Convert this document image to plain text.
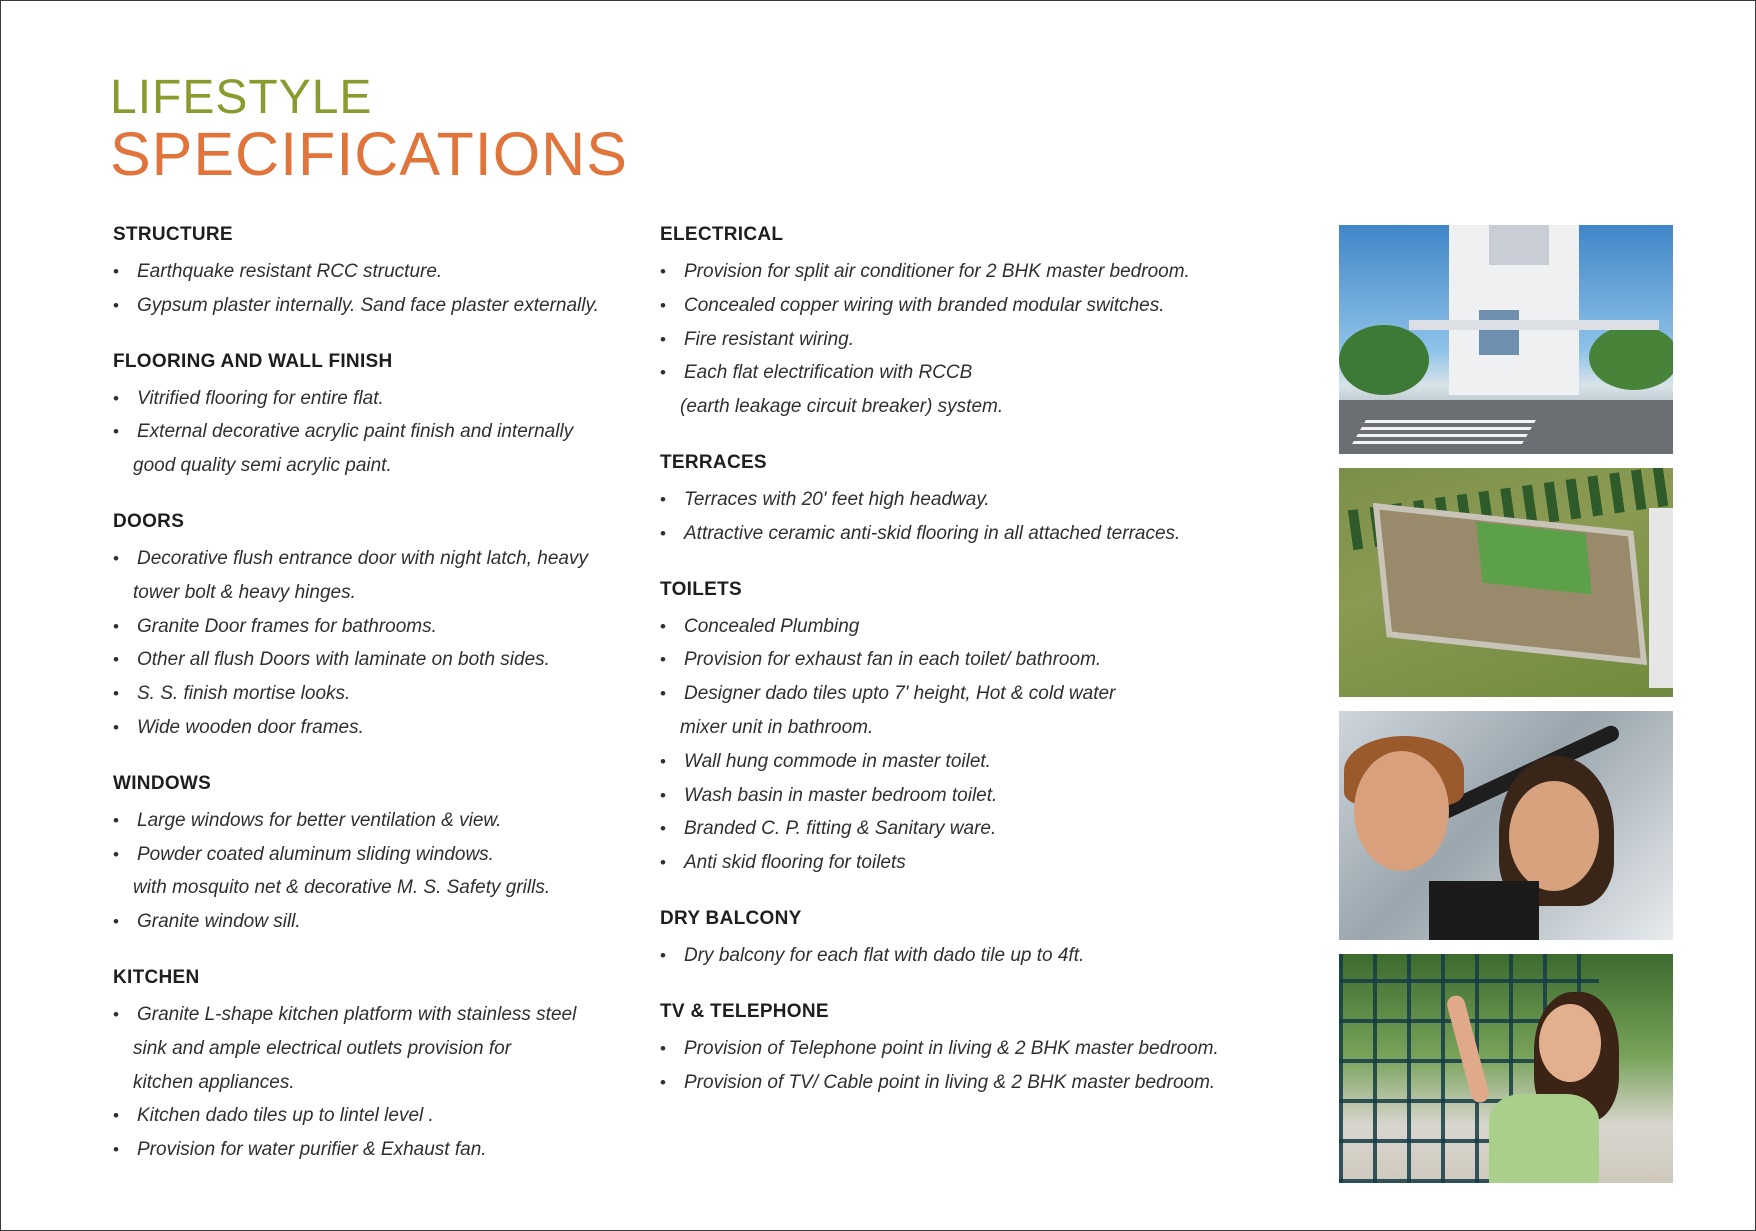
LIFESTYLE
SPECIFICATIONS
STRUCTURE
• Earthquake resistant RCC structure.
• Gypsum plaster internally. Sand face plaster externally.
FLOORING AND WALL FINISH
• Vitrified flooring for entire flat.
• External decorative acrylic paint finish and internally
good quality semi acrylic paint.
DOORS
• Decorative flush entrance door with night latch, heavy
tower bolt & heavy hinges.
• Granite Door frames for bathrooms.
• Other all flush Doors with laminate on both sides.
• S. S. finish mortise looks.
• Wide wooden door frames.
WINDOWS
• Large windows for better ventilation & view.
• Powder coated aluminum sliding windows.
with mosquito net & decorative M. S. Safety grills.
• Granite window sill.
KITCHEN
• Granite L-shape kitchen platform with stainless steel
sink and ample electrical outlets provision for
kitchen appliances.
• Kitchen dado tiles up to lintel level .
• Provision for water purifier & Exhaust fan.
ELECTRICAL
• Provision for split air conditioner for 2 BHK master bedroom.
• Concealed copper wiring with branded modular switches.
• Fire resistant wiring.
• Each flat electrification with RCCB
(earth leakage circuit breaker) system.
TERRACES
• Terraces with 20' feet high headway.
• Attractive ceramic anti-skid flooring in all attached terraces.
TOILETS
• Concealed Plumbing
• Provision for exhaust fan in each toilet/ bathroom.
• Designer dado tiles upto 7' height, Hot & cold water
mixer unit in bathroom.
• Wall hung commode in master toilet.
• Wash basin in master bedroom toilet.
• Branded C. P. fitting & Sanitary ware.
• Anti skid flooring for toilets
DRY BALCONY
• Dry balcony for each flat with dado tile up to 4ft.
TV & TELEPHONE
• Provision of Telephone point in living & 2 BHK master bedroom.
• Provision of TV/ Cable point in living & 2 BHK master bedroom.
